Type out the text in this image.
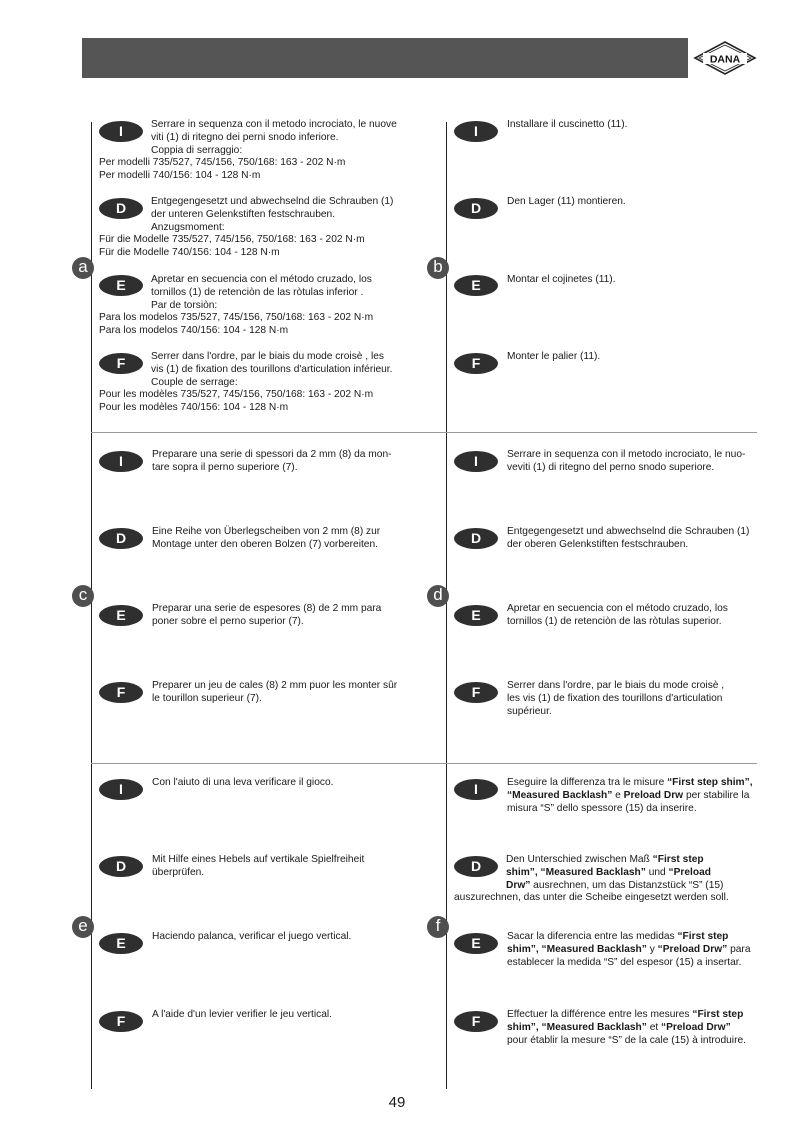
DANA
a	b
c	d
e	f
I	Serrare in sequenza con il metodo incrociato, le nuove
viti (1) di ritegno dei perni snodo inferiore.
Coppia di serraggio:
Per modelli 735/527, 745/156, 750/168: 163 - 202 N·m
Per modelli 740/156: 104 - 128 N·m
D	Entgegengesetzt und abwechselnd die Schrauben (1)
der unteren Gelenkstiften festschrauben.
Anzugsmoment:
Für die Modelle 735/527, 745/156, 750/168: 163 - 202 N·m
Für die Modelle 740/156: 104 - 128 N·m
E	Apretar en secuencia con el método cruzado, los
tornillos (1) de retenciòn de las ròtulas inferior .
Par de torsiòn:
Para los modelos 735/527, 745/156, 750/168: 163 - 202 N·m
Para los modelos 740/156: 104 - 128 N·m
F	Serrer dans l'ordre, par le biais du mode croisè , les
vis (1) de fixation des tourillons d'articulation inférieur.
Couple de serrage:
Pour les modèles 735/527, 745/156, 750/168: 163 - 202 N·m
Pour les modèles 740/156: 104 - 128 N·m
I	Installare il cuscinetto (11).
D	Den Lager (11) montieren.
E	Montar el cojinetes (11).
F	Monter le palier (11).
I	Preparare una serie di spessori da 2 mm (8) da mon-
tare sopra il perno superiore (7).
D	Eine Reihe von Überlegscheiben von 2 mm (8) zur
Montage unter den oberen Bolzen (7) vorbereiten.
E	Preparar una serie de espesores (8) de 2 mm para
poner sobre el perno superior (7).
F	Preparer un jeu de cales (8) 2 mm puor les monter sûr
le tourillon superieur (7).
I	Serrare in sequenza con il metodo incrociato, le nuo-
veviti (1) di ritegno del perno snodo superiore.
D	Entgegengesetzt und abwechselnd die Schrauben (1)
der oberen Gelenkstiften festschrauben.
E	Apretar en secuencia con el método cruzado, los
tornillos (1) de retenciòn de las ròtulas superior.
F	Serrer dans l'ordre, par le biais du mode croisè ,
les vis (1) de fixation des tourillons d'articulation
supérieur.
I	Con l'aiuto di una leva verificare il gioco.
D	Mit Hilfe eines Hebels auf vertikale Spielfreiheit
überprüfen.
E	Haciendo palanca, verificar el juego vertical.
F	A l'aide d'un levier verifier le jeu vertical.
I	Eseguire la differenza tra le misure “First step shim”,
“Measured Backlash” e Preload Drw per stabilire la
misura “S” dello spessore (15) da inserire.
D	Den Unterschied zwischen Maß “First step
shim”, “Measured Backlash” und “Preload
Drw” ausrechnen, um das Distanzstück “S” (15)
auszurechnen, das unter die Scheibe eingesetzt werden soll.
E	Sacar la diferencia entre las medidas “First step
shim”, “Measured Backlash” y “Preload Drw” para
establecer la medida “S” del espesor (15) a insertar.
F	Effectuer la différence entre les mesures “First step
shim”, “Measured Backlash” et “Preload Drw”
pour établir la mesure “S” de la cale (15) à introduire.
49
